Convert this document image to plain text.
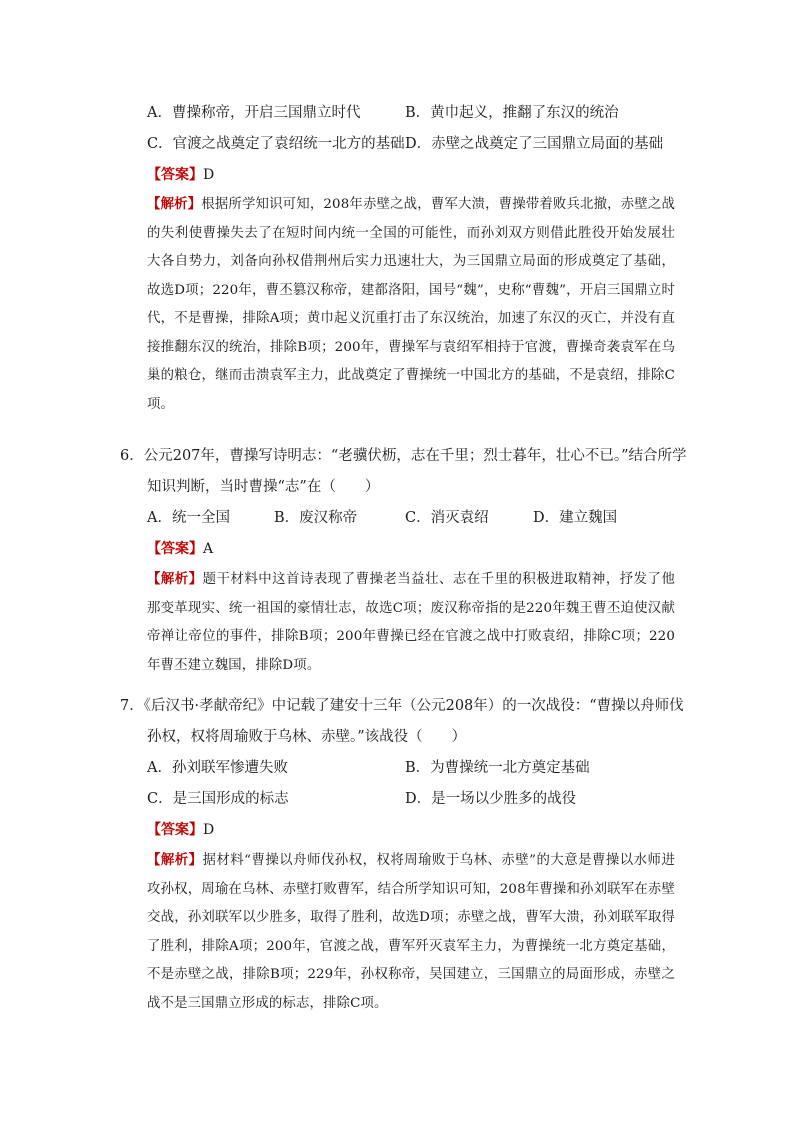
A．曹操称帝，开启三国鼎立时代	B．黄巾起义，推翻了东汉的统治
C．官渡之战奠定了袁绍统一北方的基础 D．赤壁之战奠定了三国鼎立局面的基础
【答案】D
【解析】根据所学知识可知，208年赤壁之战，曹军大溃，曹操带着败兵北撤，赤壁之战的失利使曹操失去了在短时间内统一全国的可能性，而孙刘双方则借此胜役开始发展壮大各自势力，刘备向孙权借荆州后实力迅速壮大，为三国鼎立局面的形成奠定了基础，故选D项；220年，曹丕篡汉称帝，建都洛阳，国号“魏”，史称“曹魏”，开启三国鼎立时代，不是曹操，排除A项；黄巾起义沉重打击了东汉统治，加速了东汉的灭亡，并没有直接推翻东汉的统治，排除B项；200年，曹操军与袁绍军相持于官渡，曹操奇袭袁军在乌巢的粮仓，继而击溃袁军主力，此战奠定了曹操统一中国北方的基础，不是袁绍，排除C项。
6．公元207年，曹操写诗明志：“老骥伏枥，志在千里；烈士暮年，壮心不已。”结合所学
知识判断，当时曹操“志”在（　　）
A．统一全国	B．废汉称帝	C．消灭袁绍	D．建立魏国
【答案】A
【解析】题干材料中这首诗表现了曹操老当益壮、志在千里的积极进取精神，抒发了他那变革现实、统一祖国的豪情壮志，故选C项；废汉称帝指的是220年魏王曹丕迫使汉献帝禅让帝位的事件，排除B项；200年曹操已经在官渡之战中打败袁绍，排除C项；220年曹丕建立魏国，排除D项。
7．《后汉书·孝献帝纪》中记载了建安十三年（公元208年）的一次战役：“曹操以舟师伐
孙权，权将周瑜败于乌林、赤壁。”该战役（　　）
A．孙刘联军惨遭失败	B．为曹操统一北方奠定基础
C．是三国形成的标志	D．是一场以少胜多的战役
【答案】D
【解析】据材料“曹操以舟师伐孙权，权将周瑜败于乌林、赤壁”的大意是曹操以水师进攻孙权，周瑜在乌林、赤壁打败曹军，结合所学知识可知，208年曹操和孙刘联军在赤壁交战，孙刘联军以少胜多，取得了胜利，故选D项；赤壁之战，曹军大溃，孙刘联军取得了胜利，排除A项；200年，官渡之战，曹军歼灭袁军主力，为曹操统一北方奠定基础，不是赤壁之战，排除B项；229年，孙权称帝，吴国建立，三国鼎立的局面形成，赤壁之战不是三国鼎立形成的标志，排除C项。
